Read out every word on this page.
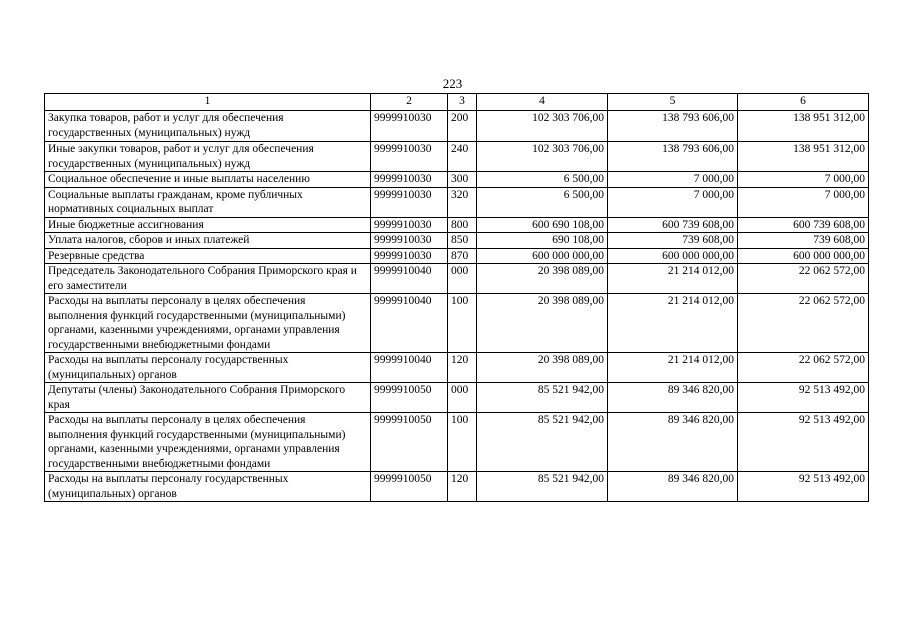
223
1	2	3	4	5	6
Закупка товаров, работ и услуг для обеспечения государственных (муниципальных) нужд	9999910030	200	102 303 706,00	138 793 606,00	138 951 312,00
Иные закупки товаров, работ и услуг для обеспечения государственных (муниципальных) нужд	9999910030	240	102 303 706,00	138 793 606,00	138 951 312,00
Социальное обеспечение и иные выплаты населению	9999910030	300	6 500,00	7 000,00	7 000,00
Социальные выплаты гражданам, кроме публичных нормативных социальных выплат	9999910030	320	6 500,00	7 000,00	7 000,00
Иные бюджетные ассигнования	9999910030	800	600 690 108,00	600 739 608,00	600 739 608,00
Уплата налогов, сборов и иных платежей	9999910030	850	690 108,00	739 608,00	739 608,00
Резервные средства	9999910030	870	600 000 000,00	600 000 000,00	600 000 000,00
Председатель Законодательного Собрания Приморского края и его заместители	9999910040	000	20 398 089,00	21 214 012,00	22 062 572,00
Расходы на выплаты персоналу в целях обеспечения выполнения функций государственными (муниципальными) органами, казенными учреждениями, органами управления государственными внебюджетными фондами	9999910040	100	20 398 089,00	21 214 012,00	22 062 572,00
Расходы на выплаты персоналу государственных (муниципальных) органов	9999910040	120	20 398 089,00	21 214 012,00	22 062 572,00
Депутаты (члены) Законодательного Собрания Приморского края	9999910050	000	85 521 942,00	89 346 820,00	92 513 492,00
Расходы на выплаты персоналу в целях обеспечения выполнения функций государственными (муниципальными) органами, казенными учреждениями, органами управления государственными внебюджетными фондами	9999910050	100	85 521 942,00	89 346 820,00	92 513 492,00
Расходы на выплаты персоналу государственных (муниципальных) органов	9999910050	120	85 521 942,00	89 346 820,00	92 513 492,00
